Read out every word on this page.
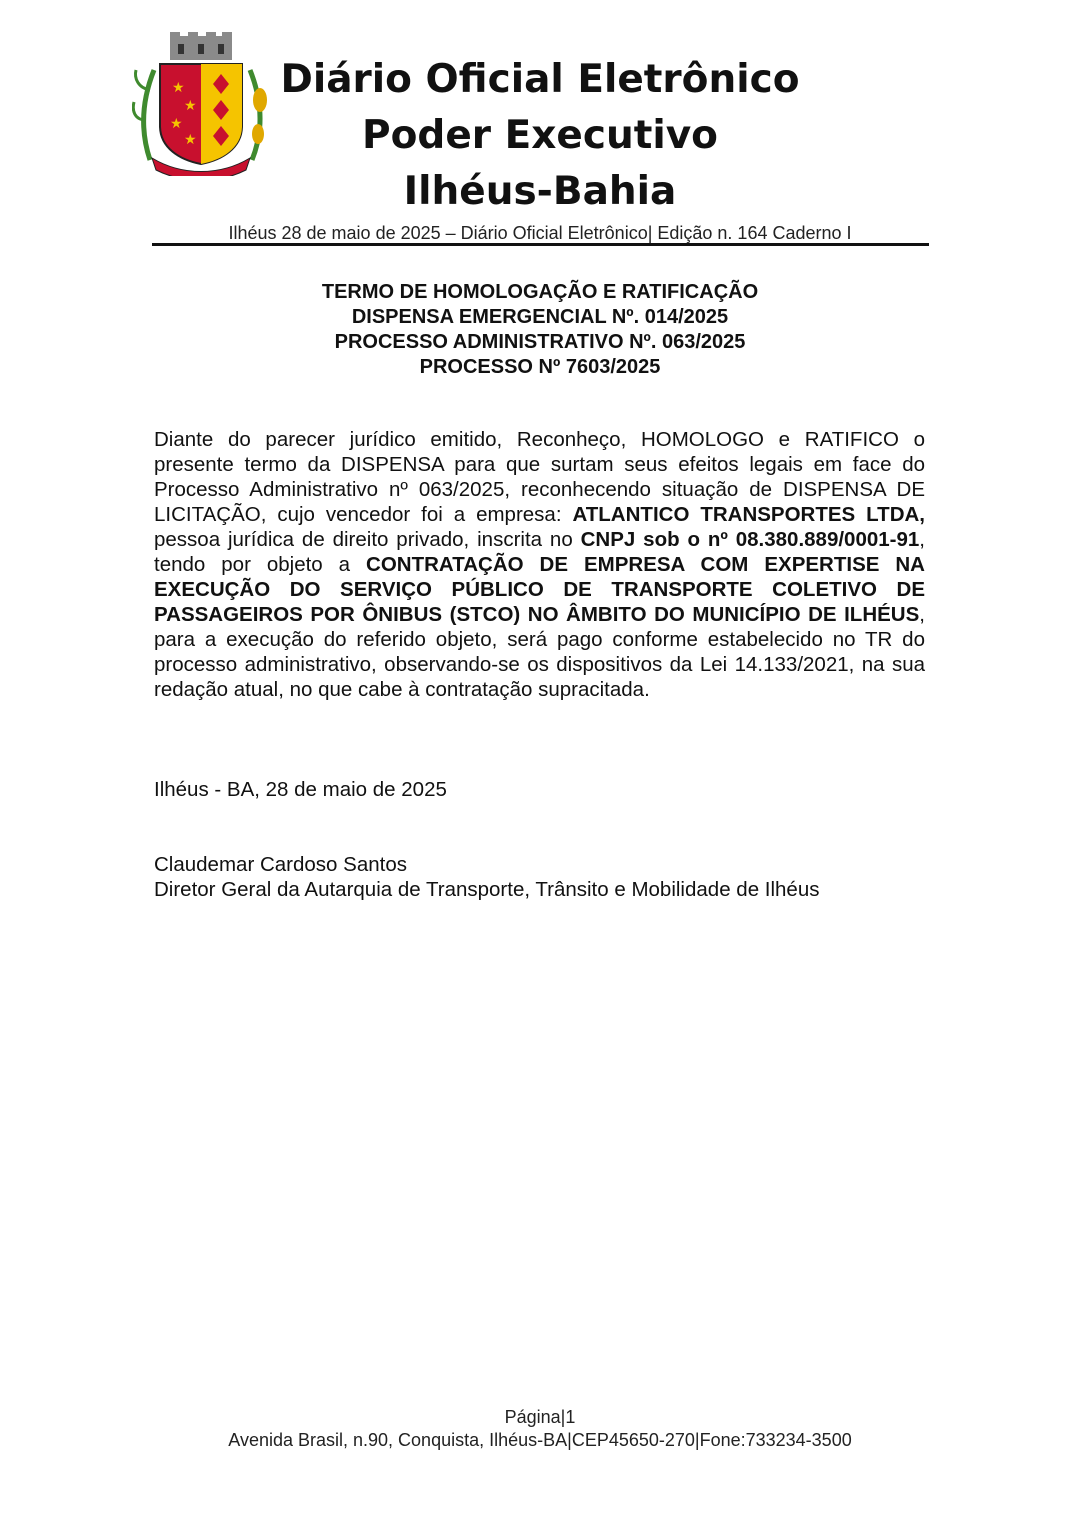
★
★
★
★
Diário Oficial Eletrônico
Poder Executivo
Ilhéus-Bahia
Ilhéus 28 de maio de 2025 – Diário Oficial Eletrônico| Edição n. 164 Caderno I
TERMO DE HOMOLOGAÇÃO E RATIFICAÇÃO
DISPENSA EMERGENCIAL Nº. 014/2025
PROCESSO ADMINISTRATIVO Nº. 063/2025
PROCESSO Nº 7603/2025
Diante do parecer jurídico emitido, Reconheço, HOMOLOGO e RATIFICO o presente termo da DISPENSA para que surtam seus efeitos legais em face do Processo Administrativo nº 063/2025, reconhecendo situação de DISPENSA DE LICITAÇÃO, cujo vencedor foi a empresa: ATLANTICO TRANSPORTES LTDA, pessoa jurídica de direito privado, inscrita no CNPJ sob o nº 08.380.889/0001-91, tendo por objeto a CONTRATAÇÃO DE EMPRESA COM EXPERTISE NA EXECUÇÃO DO SERVIÇO PÚBLICO DE TRANSPORTE COLETIVO DE PASSAGEIROS POR ÔNIBUS (STCO) NO ÂMBITO DO MUNICÍPIO DE ILHÉUS, para a execução do referido objeto, será pago conforme estabelecido no TR do processo administrativo, observando-se os dispositivos da Lei 14.133/2021, na sua redação atual, no que cabe à contratação supracitada.
Ilhéus - BA, 28 de maio de 2025
Claudemar Cardoso Santos
Diretor Geral da Autarquia de Transporte, Trânsito e Mobilidade de Ilhéus
Página|1
Avenida Brasil, n.90, Conquista, Ilhéus-BA|CEP45650-270|Fone:733234-3500
